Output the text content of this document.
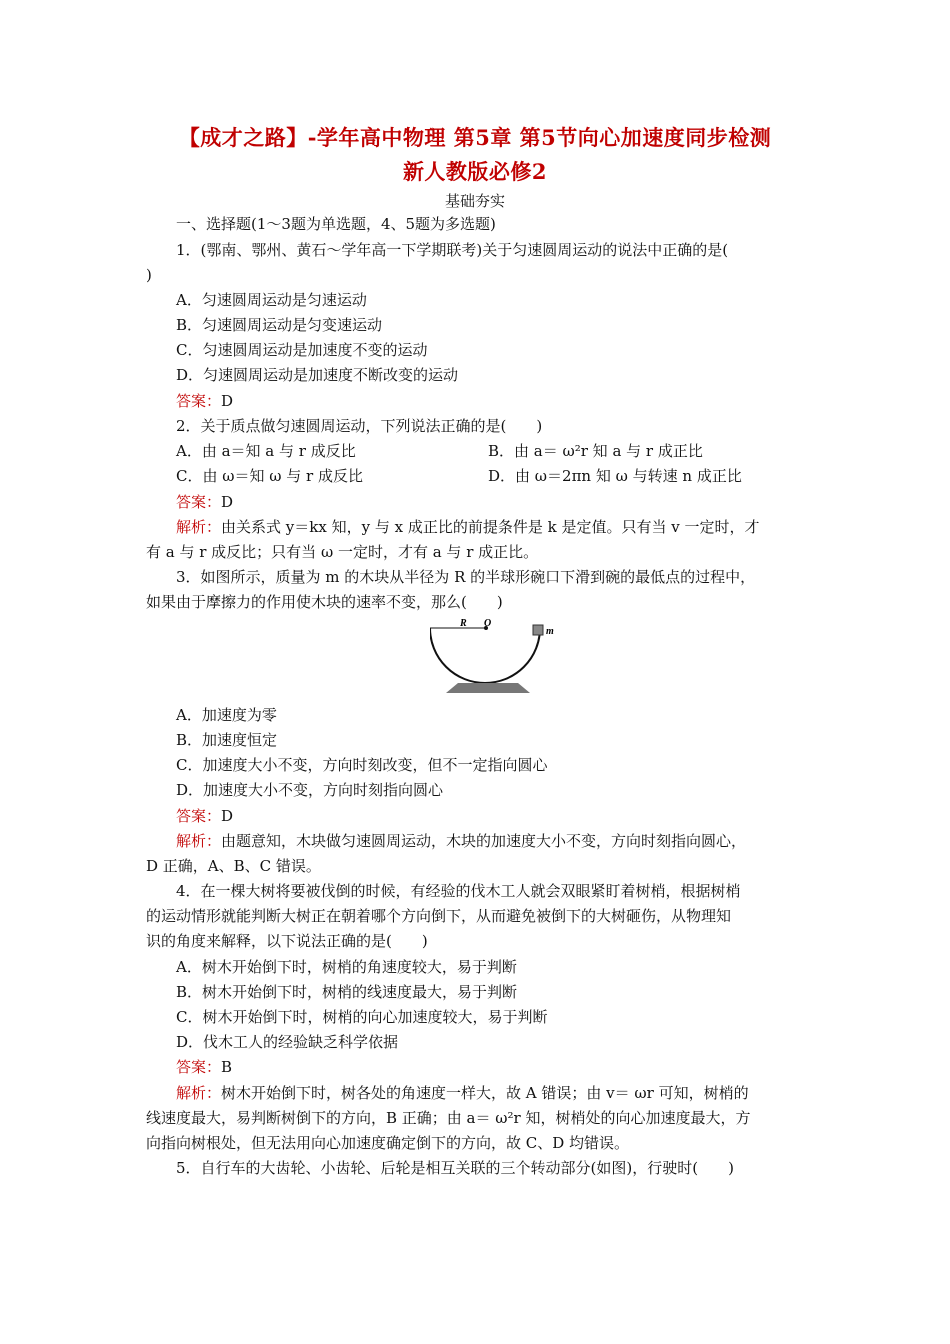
【成才之路】-学年高中物理 第5章 第5节向心加速度同步检测
新人教版必修2
基础夯实
一、选择题(1～3题为单选题，4、5题为多选题)
1．(鄂南、鄂州、黄石～学年高一下学期联考)关于匀速圆周运动的说法中正确的是(
)
A．匀速圆周运动是匀速运动
B．匀速圆周运动是匀变速运动
C．匀速圆周运动是加速度不变的运动
D．匀速圆周运动是加速度不断改变的运动
答案：D
2．关于质点做匀速圆周运动，下列说法正确的是(　　)
A．由 a＝知 a 与 r 成反比	B．由 a＝ ω²r 知 a 与 r 成正比
C．由 ω＝知 ω 与 r 成反比	D．由 ω＝2πn 知 ω 与转速 n 成正比
答案：D
解析：由关系式 y＝kx 知，y 与 x 成正比的前提条件是 k 是定值。只有当 v 一定时，才
有 a 与 r 成反比；只有当 ω 一定时，才有 a 与 r 成正比。
3．如图所示，质量为 m 的木块从半径为 R 的半球形碗口下滑到碗的最低点的过程中，
如果由于摩擦力的作用使木块的速率不变，那么(　　)
R O
m
A．加速度为零
B．加速度恒定
C．加速度大小不变，方向时刻改变，但不一定指向圆心
D．加速度大小不变，方向时刻指向圆心
答案：D
解析：由题意知，木块做匀速圆周运动，木块的加速度大小不变，方向时刻指向圆心，
D 正确，A、B、C 错误。
4．在一棵大树将要被伐倒的时候，有经验的伐木工人就会双眼紧盯着树梢，根据树梢
的运动情形就能判断大树正在朝着哪个方向倒下，从而避免被倒下的大树砸伤，从物理知
识的角度来解释，以下说法正确的是(　　)
A．树木开始倒下时，树梢的角速度较大，易于判断
B．树木开始倒下时，树梢的线速度最大，易于判断
C．树木开始倒下时，树梢的向心加速度较大，易于判断
D．伐木工人的经验缺乏科学依据
答案：B
解析：树木开始倒下时，树各处的角速度一样大，故 A 错误；由 v＝ ωr 可知，树梢的
线速度最大，易判断树倒下的方向，B 正确；由 a＝ ω²r 知，树梢处的向心加速度最大，方
向指向树根处，但无法用向心加速度确定倒下的方向，故 C、D 均错误。
5．自行车的大齿轮、小齿轮、后轮是相互关联的三个转动部分(如图)，行驶时(　　)
